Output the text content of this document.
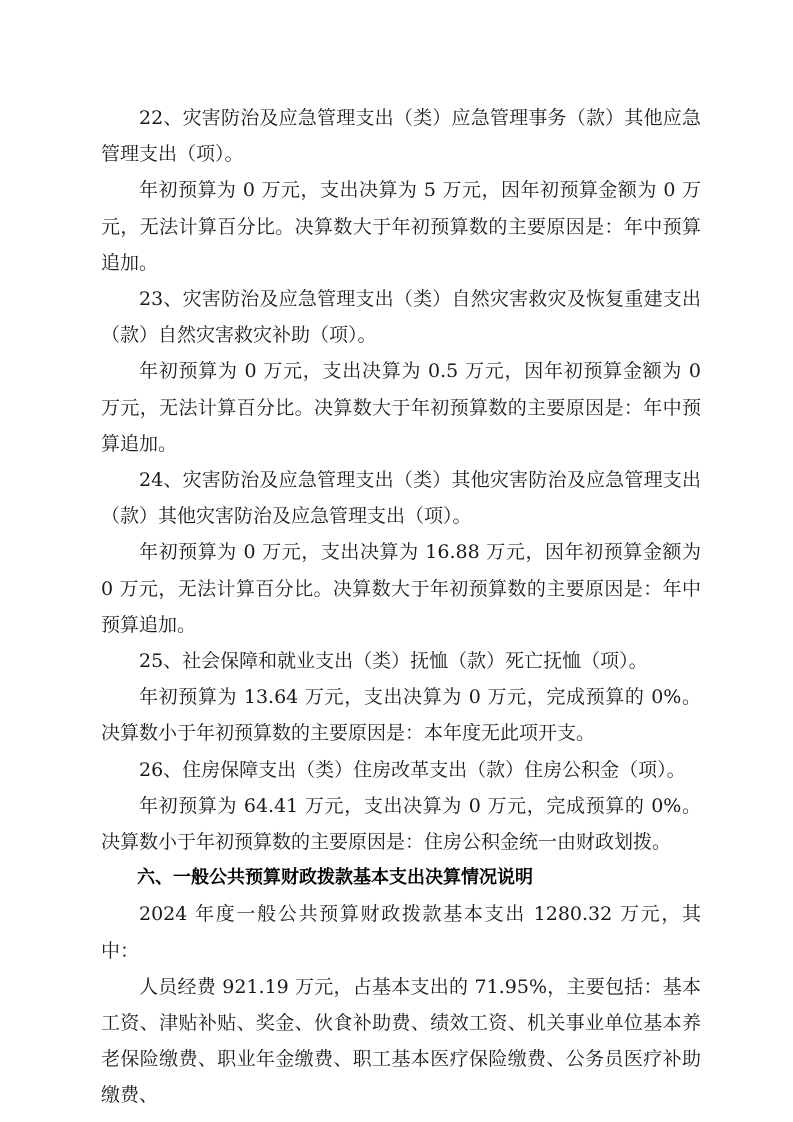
22、灾害防治及应急管理支出（类）应急管理事务（款）其他应急管理支出（项）。

年初预算为 0 万元，支出决算为 5 万元，因年初预算金额为 0 万元，无法计算百分比。决算数大于年初预算数的主要原因是：年中预算追加。

23、灾害防治及应急管理支出（类）自然灾害救灾及恢复重建支出（款）自然灾害救灾补助（项）。

年初预算为 0 万元，支出决算为 0.5 万元，因年初预算金额为 0 万元，无法计算百分比。决算数大于年初预算数的主要原因是：年中预算追加。

24、灾害防治及应急管理支出（类）其他灾害防治及应急管理支出（款）其他灾害防治及应急管理支出（项）。

年初预算为 0 万元，支出决算为 16.88 万元，因年初预算金额为 0 万元，无法计算百分比。决算数大于年初预算数的主要原因是：年中预算追加。

25、社会保障和就业支出（类）抚恤（款）死亡抚恤（项）。

年初预算为 13.64 万元，支出决算为 0 万元，完成预算的 0%。决算数小于年初预算数的主要原因是：本年度无此项开支。

26、住房保障支出（类）住房改革支出（款）住房公积金（项）。

年初预算为 64.41 万元，支出决算为 0 万元，完成预算的 0%。决算数小于年初预算数的主要原因是：住房公积金统一由财政划拨。

六、一般公共预算财政拨款基本支出决算情况说明

2024 年度一般公共预算财政拨款基本支出 1280.32 万元，其中：

人员经费 921.19 万元，占基本支出的 71.95%，主要包括：基本工资、津贴补贴、奖金、伙食补助费、绩效工资、机关事业单位基本养老保险缴费、职业年金缴费、职工基本医疗保险缴费、公务员医疗补助缴费、
